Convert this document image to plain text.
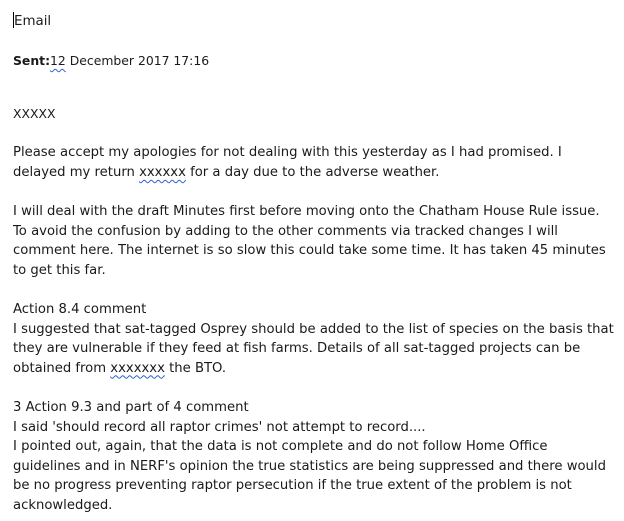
Email
Sent:12 December 2017 17:16
XXXXX

Please accept my apologies for not dealing with this yesterday as I had promised. I delayed my return xxxxxx for a day due to the adverse weather.

I will deal with the draft Minutes first before moving onto the Chatham House Rule issue. To avoid the confusion by adding to the other comments via tracked changes I will comment here. The internet is so slow this could take some time. It has taken 45 minutes to get this far.

Action 8.4 comment
I suggested that sat-tagged Osprey should be added to the list of species on the basis that they are vulnerable if they feed at fish farms. Details of all sat-tagged projects can be obtained from xxxxxxx the BTO.
3 Action 9.3 and part of 4 comment
I said 'should record all raptor crimes' not attempt to record....
I pointed out, again, that the data is not complete and do not follow Home Office guidelines and in NERF's opinion the true statistics are being suppressed and there would be no progress preventing raptor persecution if the true extent of the problem is not acknowledged.
